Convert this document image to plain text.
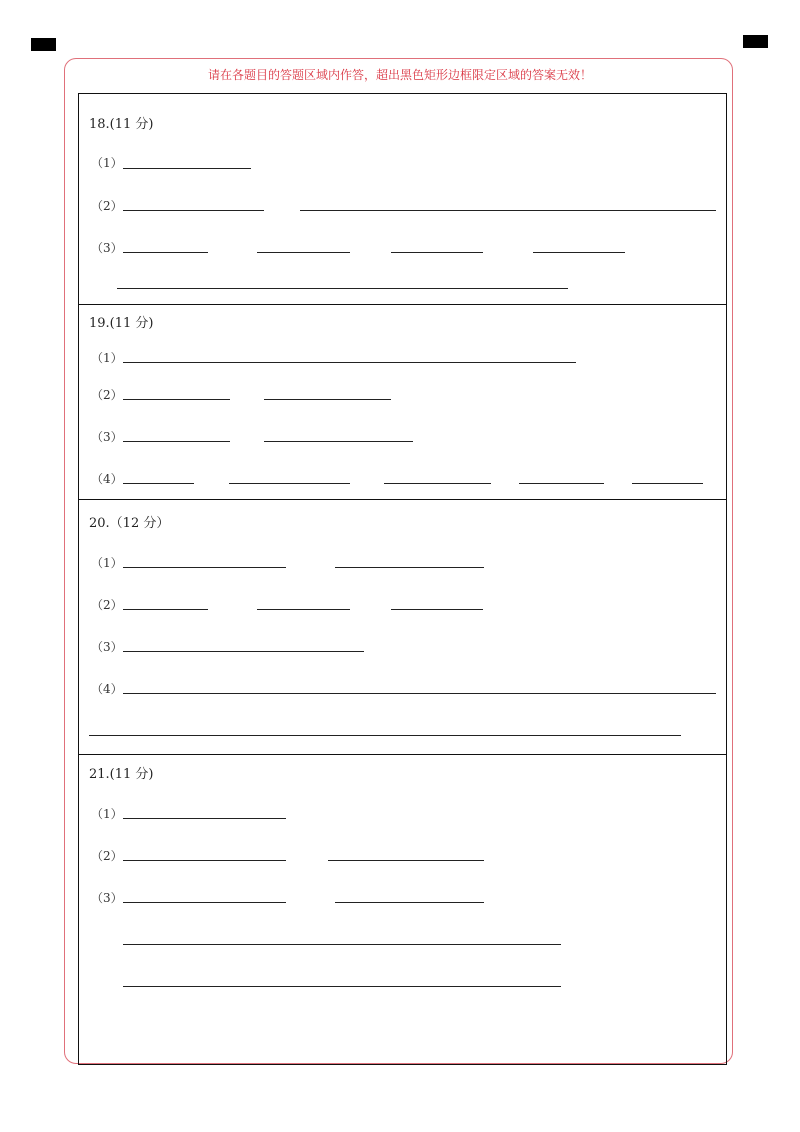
请在各题目的答题区域内作答，超出黑色矩形边框限定区域的答案无效！
18.(11 分)
（1）
（2）
（3）
19.(11 分)
（1）
（2）
（3）
（4）
20.（12 分）
（1）
（2）
（3）
（4）
21.(11 分)
（1）
（2）
（3）
